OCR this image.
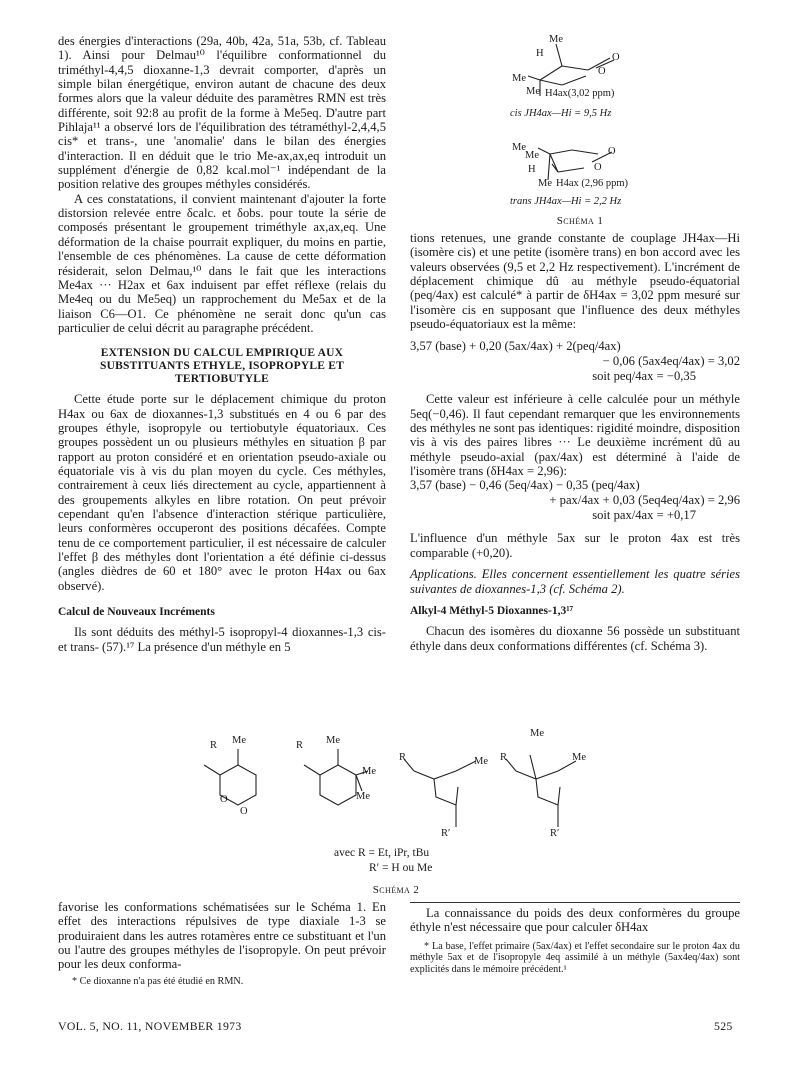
des énergies d'interactions (29a, 40b, 42a, 51a, 53b, cf. Tableau 1). Ainsi pour Delmau¹⁰ l'équilibre conformationnel du triméthyl-4,4,5 dioxanne-1,3 devrait comporter, d'après un simple bilan énergétique, environ autant de chacune des deux formes alors que la valeur déduite des paramètres RMN est très différente, soit 92:8 au profit de la forme à Me5eq. D'autre part Pihlaja¹¹ a observé lors de l'équilibration des tétraméthyl-2,4,4,5 cis* et trans-, une 'anomalie' dans le bilan des énergies d'interaction. Il en déduit que le trio Me-ax,ax,eq introduit un supplément d'énergie de 0,82 kcal.mol⁻¹ indépendant de la position relative des groupes méthyles considérés.

A ces constatations, il convient maintenant d'ajouter la forte distorsion relevée entre δcalc. et δobs. pour toute la série de composés présentant le groupement triméthyle ax,ax,eq. Une déformation de la chaise pourrait expliquer, du moins en partie, l'ensemble de ces phénomènes. La cause de cette déformation résiderait, selon Delmau,¹⁰ dans le fait que les interactions Me4ax ··· H2ax et 6ax induisent par effet réflexe (relais du Me4eq ou du Me5eq) un rapprochement du Me5ax et de la liaison C6—O1. Ce phénomène ne serait donc qu'un cas particulier de celui décrit au paragraphe précédent.

EXTENSION DU CALCUL EMPIRIQUE AUX SUBSTITUANTS ETHYLE, ISOPROPYLE ET TERTIOBUTYLE

Cette étude porte sur le déplacement chimique du proton H4ax ou 6ax de dioxannes-1,3 substitués en 4 ou 6 par des groupes éthyle, isopropyle ou tertiobutyle équatoriaux. Ces groupes possèdent un ou plusieurs méthyles en situation β par rapport au proton considéré et en orientation pseudo-axiale ou équatoriale vis à vis du plan moyen du cycle. Ces méthyles, contrairement à ceux liés directement au cycle, appartiennent à des groupements alkyles en libre rotation. On peut prévoir cependant qu'en l'absence d'interaction stérique particulière, leurs conformères occuperont des positions décafées. Compte tenu de ce comportement particulier, il est nécessaire de calculer l'effet β des méthyles dont l'orientation a été définie ci-dessus (angles dièdres de 60 et 180° avec le proton H4ax ou 6ax observé).

Calcul de Nouveaux Incréments

Ils sont déduits des méthyl-5 isopropyl-4 dioxannes-1,3 cis- et trans- (57).¹⁷ La présence d'un méthyle en 5

Me
H	O
O
Me
Me H4ax(3,02 ppm)
cis JH4ax—Hi = 9,5 Hz
Me
Me	O
O
H
Me H4ax (2,96 ppm)
trans JH4ax—Hi = 2,2 Hz
Schéma 1

tions retenues, une grande constante de couplage JH4ax—Hi (isomère cis) et une petite (isomère trans) en bon accord avec les valeurs observées (9,5 et 2,2 Hz respectivement). L'incrément de déplacement chimique dû au méthyle pseudo-équatorial (peq/4ax) est calculé* à partir de δH4ax = 3,02 ppm mesuré sur l'isomère cis en supposant que l'influence des deux méthyles pseudo-équatoriaux est la même:

3,57 (base) + 0,20 (5ax/4ax) + 2(peq/4ax)

− 0,06 (5ax4eq/4ax) = 3,02

soit peq/4ax = −0,35

Cette valeur est inférieure à celle calculée pour un méthyle 5eq(−0,46). Il faut cependant remarquer que les environnements des méthyles ne sont pas identiques: rigidité moindre, disposition vis à vis des paires libres ··· Le deuxième incrément dû au méthyle pseudo-axial (pax/4ax) est déterminé à l'aide de l'isomère trans (δH4ax = 2,96):

3,57 (base) − 0,46 (5eq/4ax) − 0,35 (peq/4ax)

+ pax/4ax + 0,03 (5eq4eq/4ax) = 2,96

soit pax/4ax = +0,17

L'influence d'un méthyle 5ax sur le proton 4ax est très comparable (+0,20).

Applications. Elles concernent essentiellement les quatre séries suivantes de dioxannes-1,3 (cf. Schéma 2).

Alkyl-4 Méthyl-5 Dioxannes-1,3¹⁷

Chacun des isomères du dioxanne 56 possède un substituant éthyle dans deux conformations différentes (cf. Schéma 3).

R Me
O
O
R Me
Me
Me
R	Me
R′
R
Me
Me
R′
avec R = Et, iPr, tBu
R′ = H ou Me
Schéma 2

favorise les conformations schématisées sur le Schéma 1. En effet des interactions répulsives de type diaxiale 1-3 se produiraient dans les autres rotamères entre ce substituant et l'un ou l'autre des groupes méthyles de l'isopropyle. On peut prévoir pour les deux conforma-

* Ce dioxanne n'a pas été étudié en RMN.

La connaissance du poids des deux conformères du groupe éthyle n'est nécessaire que pour calculer δH4ax

* La base, l'effet primaire (5ax/4ax) et l'effet secondaire sur le proton 4ax du méthyle 5ax et de l'isopropyle 4eq assimilé à un méthyle (5ax4eq/4ax) sont explicités dans le mémoire précédent.¹

VOL. 5, NO. 11, NOVEMBER 1973	525
